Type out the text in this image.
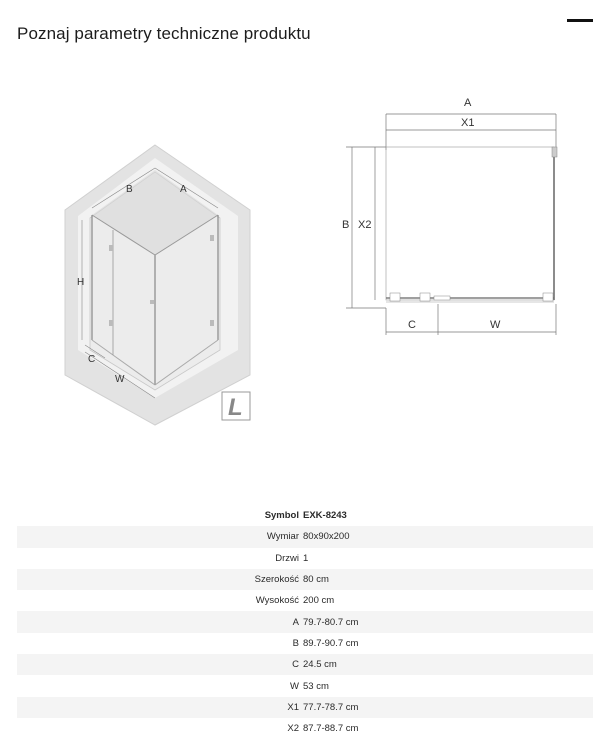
Poznaj parametry techniczne produktu
B	A
H
C
W
L
A
X1
B X2
C	W
Symbol EXK-8243
Wymiar 80x90x200
Drzwi 1
Szerokość 80 cm
Wysokość 200 cm
A 79.7-80.7 cm
B 89.7-90.7 cm
C 24.5 cm
W 53 cm
X1 77.7-78.7 cm
X2 87.7-88.7 cm
